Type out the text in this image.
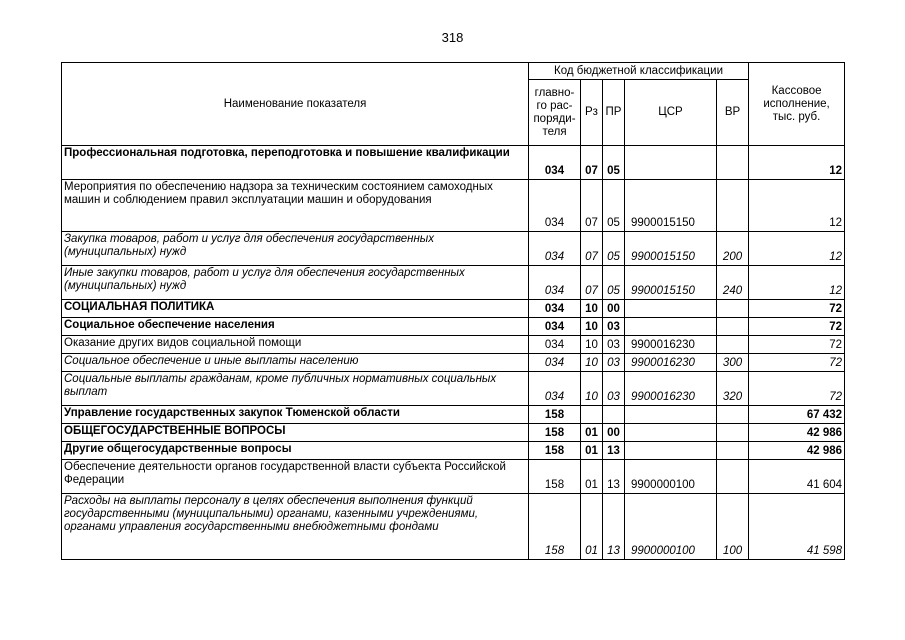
318
Наименование показателя	Код бюджетной классификации					Кассовое исполнение, тыс. руб.
	главно-го рас-поряди-теля	Рз	ПР	ЦСР	ВР	
Профессиональная подготовка, переподготовка и повышение квалификации	034	07	05			12
Мероприятия по обеспечению надзора за техническим состоянием самоходных машин и соблюдением правил эксплуатации машин и оборудования	034	07	05	9900015150		12
Закупка товаров, работ и услуг для обеспечения государственных (муниципальных) нужд	034	07	05	9900015150	200	12
Иные закупки товаров, работ и услуг для обеспечения государственных (муниципальных) нужд	034	07	05	9900015150	240	12
СОЦИАЛЬНАЯ ПОЛИТИКА	034	10	00			72
Социальное обеспечение населения	034	10	03			72
Оказание других видов социальной помощи	034	10	03	9900016230		72
Социальное обеспечение и иные выплаты населению	034	10	03	9900016230	300	72
Социальные выплаты гражданам, кроме публичных нормативных социальных выплат	034	10	03	9900016230	320	72
Управление государственных закупок Тюменской области	158					67 432
ОБЩЕГОСУДАРСТВЕННЫЕ ВОПРОСЫ	158	01	00			42 986
Другие общегосударственные вопросы	158	01	13			42 986
Обеспечение деятельности органов государственной власти субъекта Российской Федерации	158	01	13	9900000100		41 604
Расходы на выплаты персоналу в целях обеспечения выполнения функций государственными (муниципальными) органами, казенными учреждениями, органами управления государственными внебюджетными фондами	158	01	13	9900000100	100	41 598
